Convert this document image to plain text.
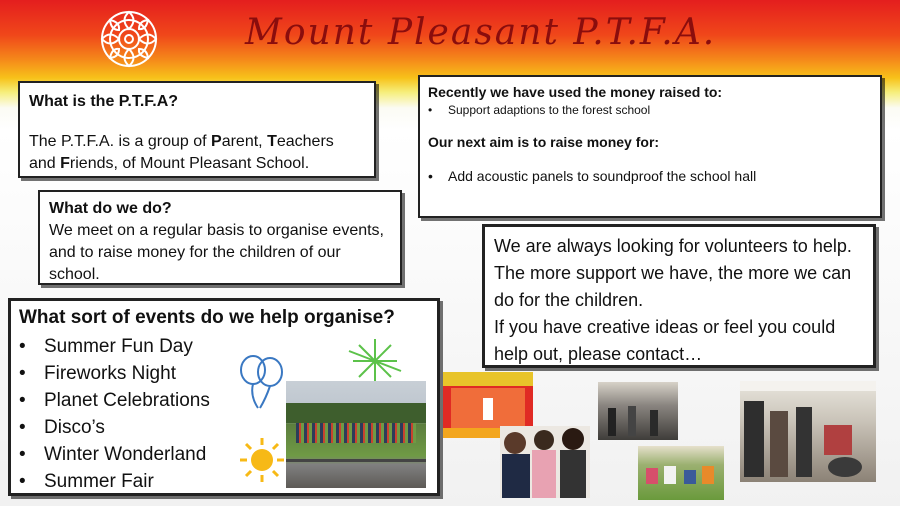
Mount Pleasant P.T.F.A.
What is the P.T.F.A?
The P.T.F.A. is a group of Parent, Teachers
and Friends, of Mount Pleasant School.
What do we do?
We meet on a regular basis to organise events, and to raise money for the children of our school.
Recently we have used the money raised to:
• Support adaptions to the forest school
Our next aim is to raise money for:
• Add acoustic panels to soundproof the school hall
We are always looking for volunteers to help. The more support we have, the more we can do for the children.
If you have creative ideas or feel you could help out, please contact…
What sort of events do we help organise?
• Summer Fun Day
• Fireworks Night
• Planet Celebrations
• Disco’s
• Winter Wonderland
• Summer Fair
